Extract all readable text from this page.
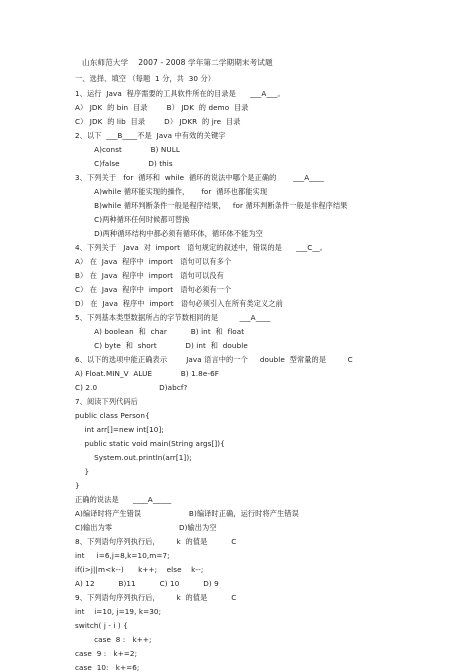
山东师范大学    2007 - 2008 学年第二学期期末考试题
一、选择、填空 （每题  1 分，共  30 分）
1、运行  Java  程序需要的工具软件所在的目录是      ___A___。
A） JDK  的 bin  目录        B） JDK  的 demo  目录
C） JDK  的 lib  目录        D） JDKR  的 jre  目录
2、以下  ___B____不是  Java 中有效的关键字
A)const            B) NULL
C)false            D) this
3、下列关于   for  循环和  while  循环的说法中哪个是正确的       ___A____
A)while 循环能实现的操作，     for  循环也都能实现
B)while 循环判断条件一般是程序结果，   for 循环判断条件一般是非程序结果
C)两种循环任何时候都可替换
D)两种循环结构中都必须有循环体，循环体不能为空
4、下列关于   Java  对  import   语句规定的叙述中，错误的是      ___C__。
A） 在  Java  程序中  import   语句可以有多个
B） 在  Java  程序中  import   语句可以没有
C） 在  Java  程序中  import   语句必须有一个
D） 在  Java  程序中  import   语句必须引入在所有类定义之前
5、下列基本类型数据所占的字节数相同的是         ___A____
A) boolean  和  char          B) int  和  float
C) byte  和  short            D) int  和  double
6、以下的选项中能正确表示        Java 语言中的一个     double  型常量的是         C
A) Float.MIN_V  ALUE            B) 1.8e-6F
C) 2.0                          D)abcf?
7、阅读下列代码后
public class Person{
int arr[]=new int[10];
public static void main(String args[]){
System.out.println(arr[1]);
}
}
正确的说法是      ____A_____
A)编译时将产生错误                    B)编译时正确，运行时将产生错误
C)输出为零                            D)输出为空
8、下列语句序列执行后，       k  的值是          C
int     i=6,j=8,k=10,m=7;
if(i>j||m<k--)      k++;    else    k--;
A) 12          B)11          C) 10          D) 9
9、下列语句序列执行后，       k  的值是          C
int    i=10, j=19, k=30;
switch( j - i ) {
case  8 :   k++;
case  9 :   k+=2;
case  10:   k+=6;
